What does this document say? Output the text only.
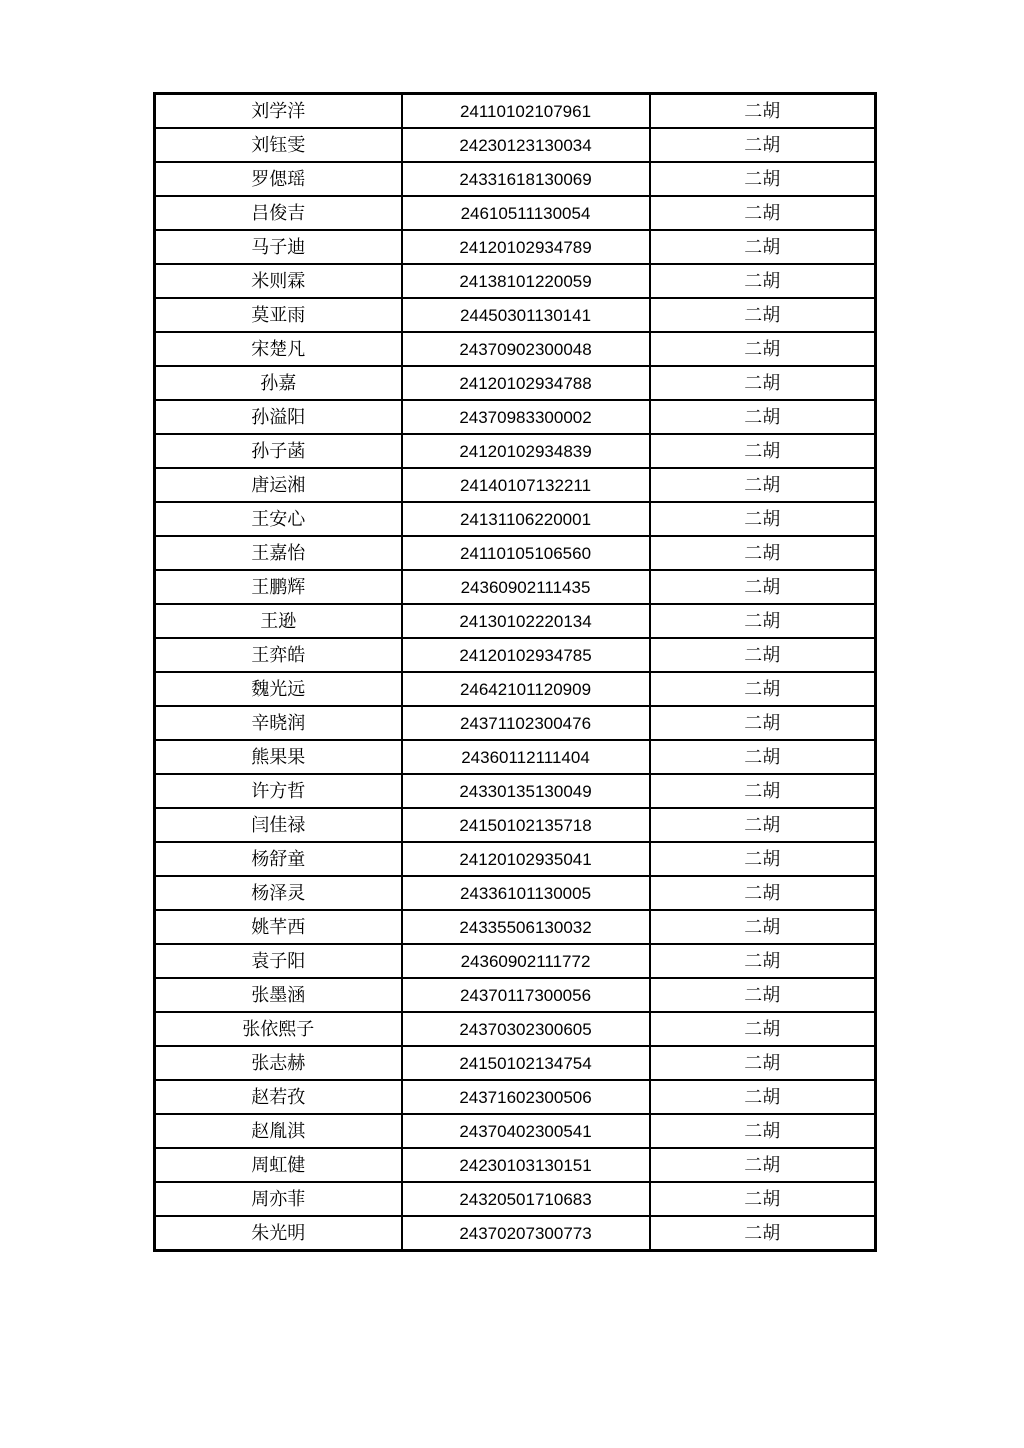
刘学洋	24110102107961	二胡
刘钰雯	24230123130034	二胡
罗偲瑶	24331618130069	二胡
吕俊吉	24610511130054	二胡
马子迪	24120102934789	二胡
米则霖	24138101220059	二胡
莫亚雨	24450301130141	二胡
宋楚凡	24370902300048	二胡
孙嘉	24120102934788	二胡
孙溢阳	24370983300002	二胡
孙子菡	24120102934839	二胡
唐运湘	24140107132211	二胡
王安心	24131106220001	二胡
王嘉怡	24110105106560	二胡
王鹏辉	24360902111435	二胡
王逊	24130102220134	二胡
王弈皓	24120102934785	二胡
魏光远	24642101120909	二胡
辛晓润	24371102300476	二胡
熊果果	24360112111404	二胡
许方哲	24330135130049	二胡
闫佳禄	24150102135718	二胡
杨舒童	24120102935041	二胡
杨泽灵	24336101130005	二胡
姚芊西	24335506130032	二胡
袁子阳	24360902111772	二胡
张墨涵	24370117300056	二胡
张依熙子	24370302300605	二胡
张志赫	24150102134754	二胡
赵若孜	24371602300506	二胡
赵胤淇	24370402300541	二胡
周虹健	24230103130151	二胡
周亦菲	24320501710683	二胡
朱光明	24370207300773	二胡
